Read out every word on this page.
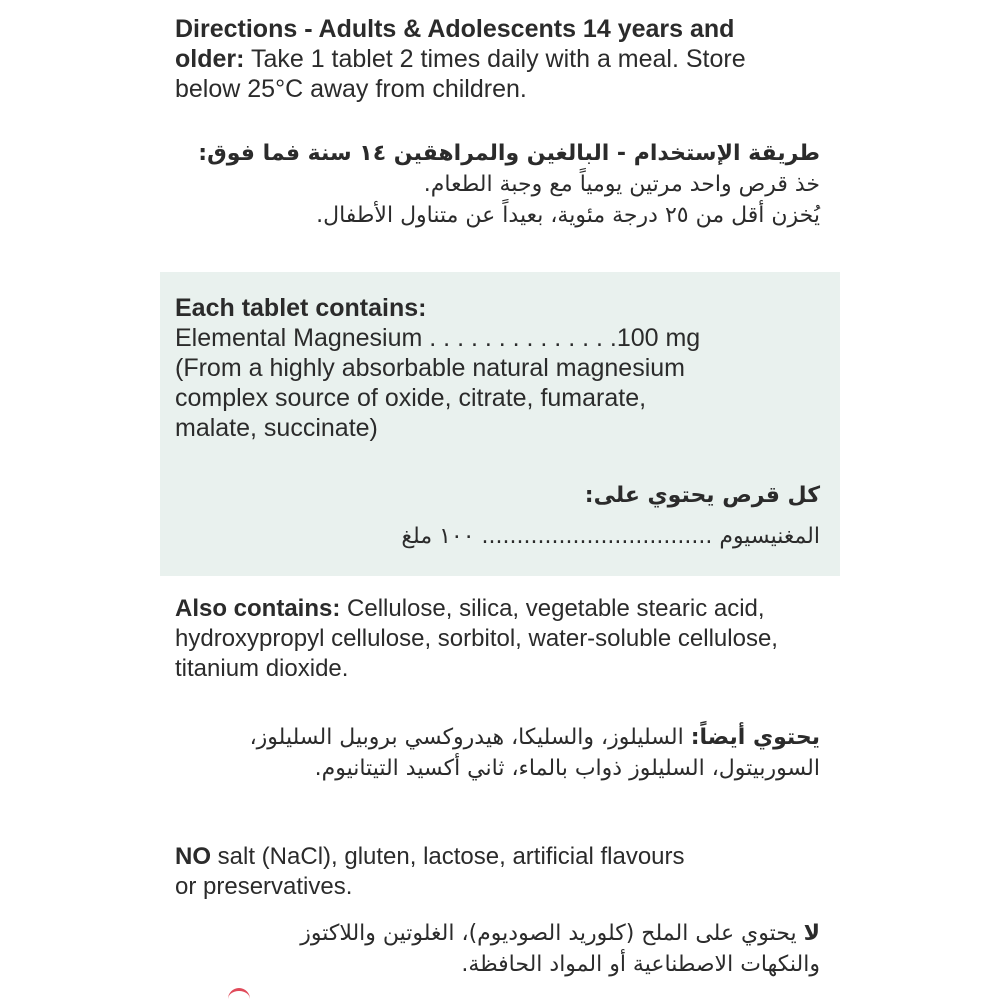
Directions - Adults & Adolescents 14 years and
older: Take 1 tablet 2 times daily with a meal. Store
below 25°C away from children.
طريقة الإستخدام - البالغين والمراهقين ١٤ سنة فما فوق:
خذ قرص واحد مرتين يومياً مع وجبة الطعام.
يُخزن أقل من ٢٥ درجة مئوية، بعيداً عن متناول الأطفال.
Each tablet contains:
Elemental Magnesium . . . . . . . . . . . . . .100 mg
(From a highly absorbable natural magnesium
complex source of oxide, citrate, fumarate,
malate, succinate)
كل قرص يحتوي على:
المغنيسيوم ................................. ١٠٠ ملغ
Also contains: Cellulose, silica, vegetable stearic acid,
hydroxypropyl cellulose, sorbitol, water-soluble cellulose,
titanium dioxide.
يحتوي أيضاً: السليلوز، والسليكا، هيدروكسي بروبيل السليلوز،
السوربيتول، السليلوز ذواب بالماء، ثاني أكسيد التيتانيوم.
NO salt (NaCl), gluten, lactose, artificial flavours
or preservatives.
لا يحتوي على الملح (كلوريد الصوديوم)، الغلوتين واللاكتوز
والنكهات الاصطناعية أو المواد الحافظة.
